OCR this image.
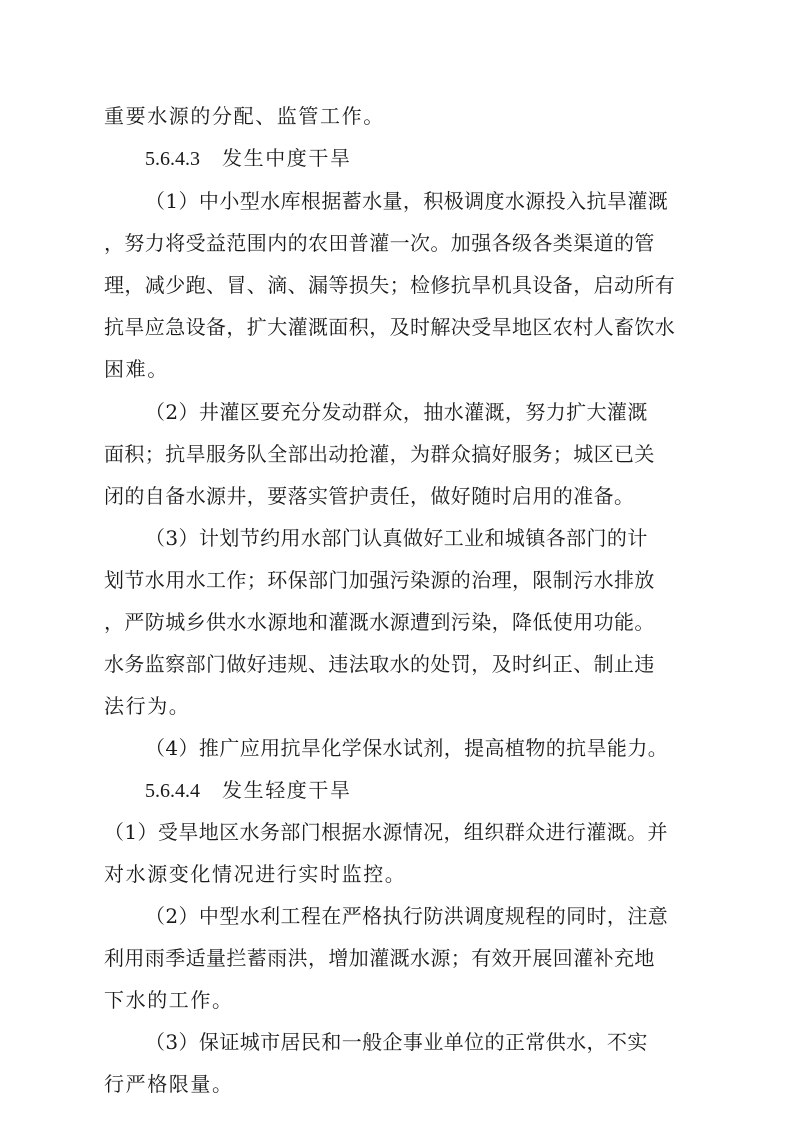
重要水源的分配、监管工作。
5.6.4.3 发生中度干旱
（1）中小型水库根据蓄水量，积极调度水源投入抗旱灌溉
，努力将受益范围内的农田普灌一次。加强各级各类渠道的管
理，减少跑、冒、滴、漏等损失；检修抗旱机具设备，启动所有
抗旱应急设备，扩大灌溉面积，及时解决受旱地区农村人畜饮水
困难。
（2）井灌区要充分发动群众，抽水灌溉，努力扩大灌溉
面积；抗旱服务队全部出动抢灌，为群众搞好服务；城区已关
闭的自备水源井，要落实管护责任，做好随时启用的准备。
（3）计划节约用水部门认真做好工业和城镇各部门的计
划节水用水工作；环保部门加强污染源的治理，限制污水排放
，严防城乡供水水源地和灌溉水源遭到污染，降低使用功能。
水务监察部门做好违规、违法取水的处罚，及时纠正、制止违
法行为。
（4）推广应用抗旱化学保水试剂，提高植物的抗旱能力。
5.6.4.4 发生轻度干旱
（1）受旱地区水务部门根据水源情况，组织群众进行灌溉。并
对水源变化情况进行实时监控。
（2）中型水利工程在严格执行防洪调度规程的同时，注意
利用雨季适量拦蓄雨洪，增加灌溉水源；有效开展回灌补充地
下水的工作。
（3）保证城市居民和一般企事业单位的正常供水，不实
行严格限量。
